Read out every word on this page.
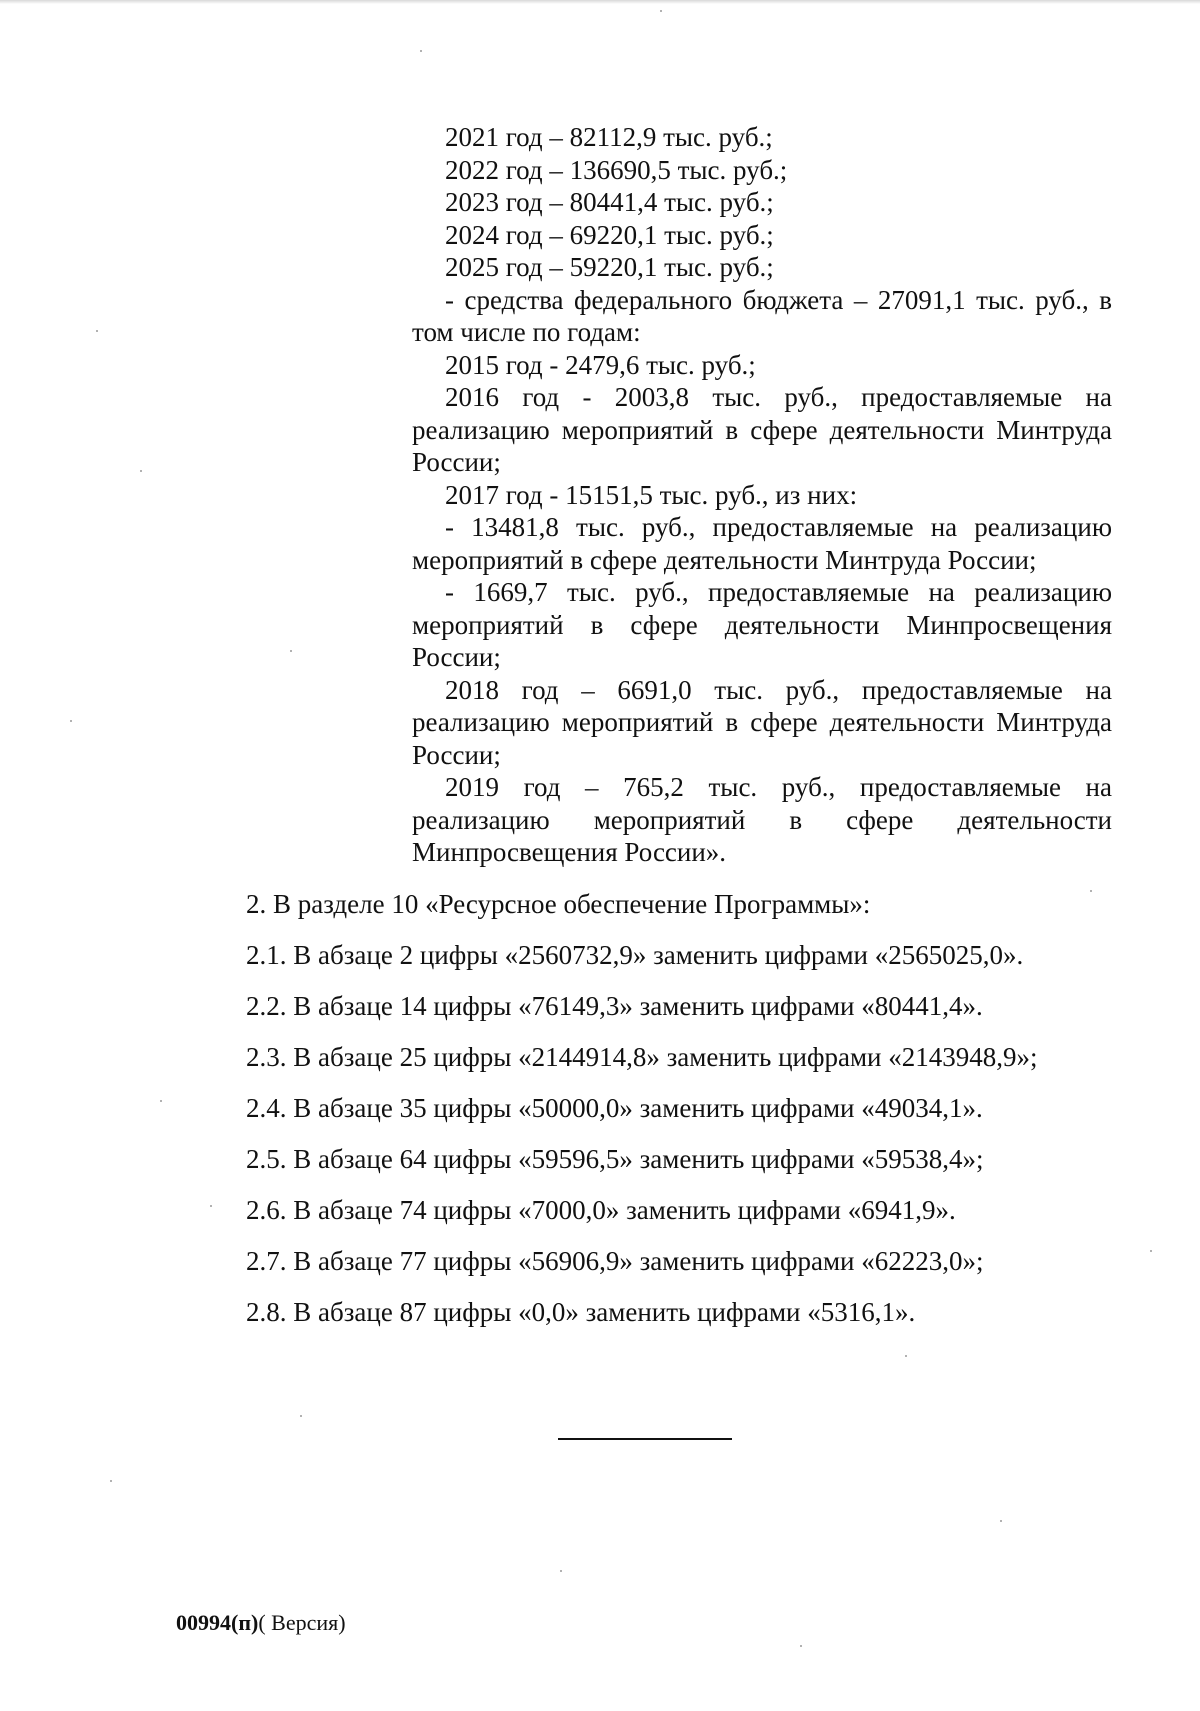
2021 год – 82112,9 тыс. руб.;

2022 год – 136690,5 тыс. руб.;

2023 год – 80441,4 тыс. руб.;

2024 год – 69220,1 тыс. руб.;

2025 год – 59220,1 тыс. руб.;

- средства федерального бюджета – 27091,1 тыс. руб., в том числе по годам:

2015 год - 2479,6 тыс. руб.;

2016 год - 2003,8 тыс. руб., предоставляемые на реализацию мероприятий в сфере деятельности Минтруда России;

2017 год - 15151,5 тыс. руб., из них:

- 13481,8 тыс. руб., предоставляемые на реализацию мероприятий в сфере деятельности Минтруда России;

- 1669,7 тыс. руб., предоставляемые на реализацию мероприятий в сфере деятельности Минпросвещения России;

2018 год – 6691,0 тыс. руб., предоставляемые на реализацию мероприятий в сфере деятельности Минтруда России;

2019 год – 765,2 тыс. руб., предоставляемые на реализацию мероприятий в сфере деятельности Минпросвещения России».

2. В разделе 10 «Ресурсное обеспечение Программы»:

2.1. В абзаце 2 цифры «2560732,9» заменить цифрами «2565025,0».

2.2. В абзаце 14 цифры «76149,3» заменить цифрами «80441,4».

2.3. В абзаце 25 цифры «2144914,8» заменить цифрами «2143948,9»;

2.4. В абзаце 35 цифры «50000,0» заменить цифрами «49034,1».

2.5. В абзаце 64 цифры «59596,5» заменить цифрами «59538,4»;

2.6. В абзаце 74 цифры «7000,0» заменить цифрами «6941,9».

2.7. В абзаце 77 цифры «56906,9» заменить цифрами «62223,0»;

2.8. В абзаце 87 цифры «0,0» заменить цифрами «5316,1».

00994(п)( Версия)
